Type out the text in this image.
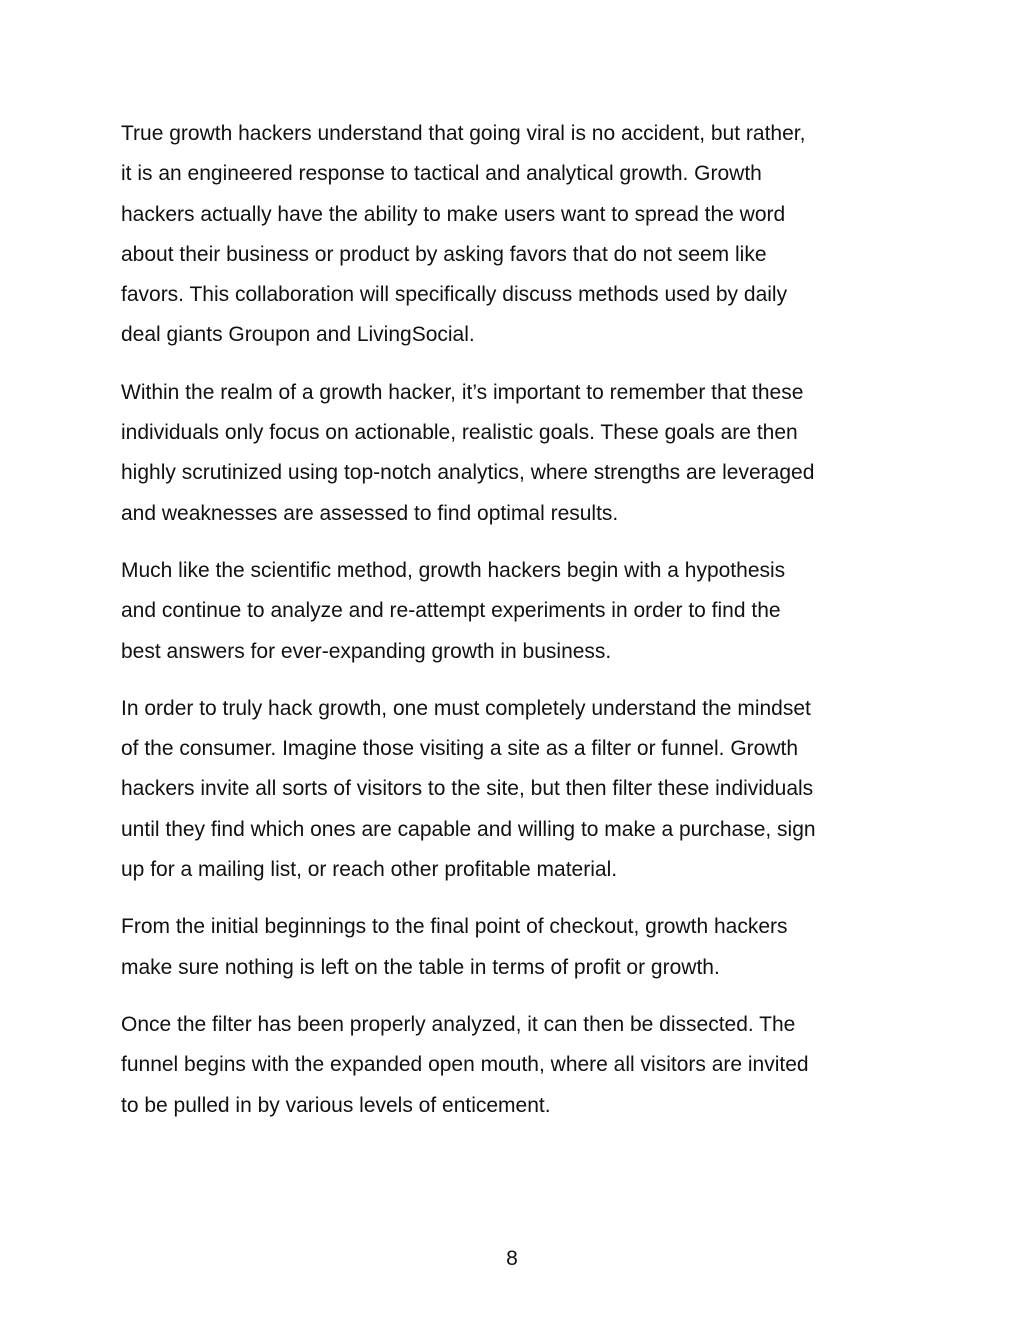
True growth hackers understand that going viral is no accident, but rather,
it is an engineered response to tactical and analytical growth. Growth
hackers actually have the ability to make users want to spread the word
about their business or product by asking favors that do not seem like
favors. This collaboration will specifically discuss methods used by daily
deal giants Groupon and LivingSocial.

Within the realm of a growth hacker, it’s important to remember that these
individuals only focus on actionable, realistic goals. These goals are then
highly scrutinized using top-notch analytics, where strengths are leveraged
and weaknesses are assessed to find optimal results.

Much like the scientific method, growth hackers begin with a hypothesis
and continue to analyze and re-attempt experiments in order to find the
best answers for ever-expanding growth in business.

In order to truly hack growth, one must completely understand the mindset
of the consumer. Imagine those visiting a site as a filter or funnel. Growth
hackers invite all sorts of visitors to the site, but then filter these individuals
until they find which ones are capable and willing to make a purchase, sign
up for a mailing list, or reach other profitable material.

From the initial beginnings to the final point of checkout, growth hackers
make sure nothing is left on the table in terms of profit or growth.

Once the filter has been properly analyzed, it can then be dissected. The
funnel begins with the expanded open mouth, where all visitors are invited
to be pulled in by various levels of enticement.

8
